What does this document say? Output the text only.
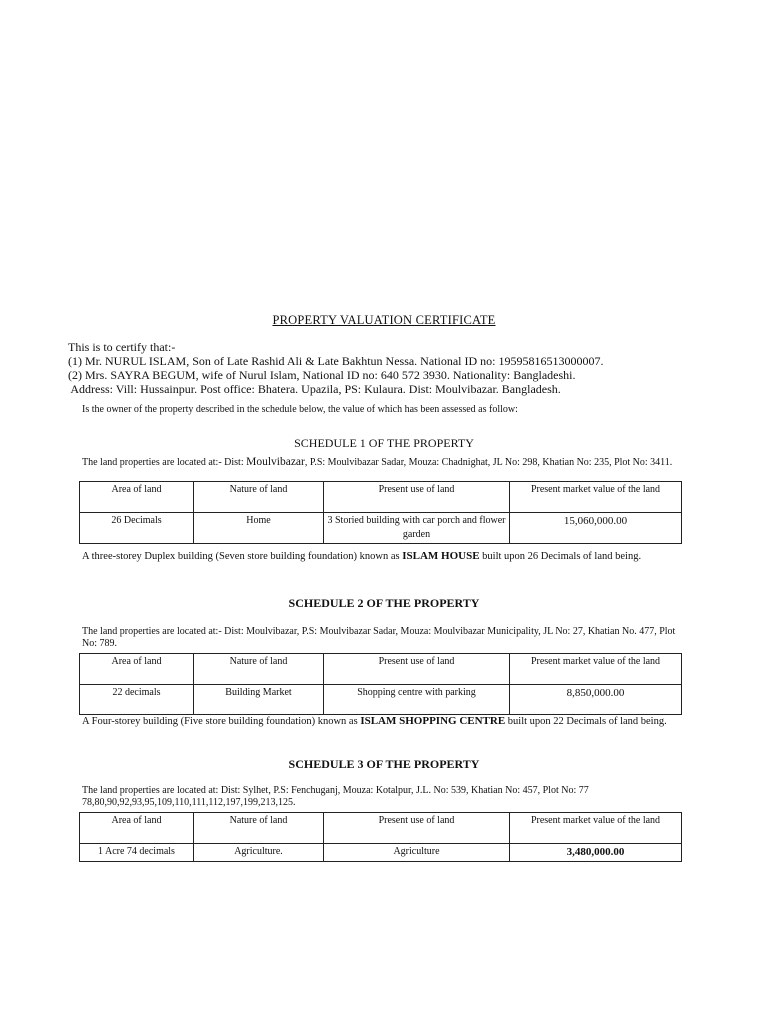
PROPERTY VALUATION CERTIFICATE
This is to certify that:-
(1) Mr. NURUL ISLAM, Son of Late Rashid Ali & Late Bakhtun Nessa. National ID no: 19595816513000007.
(2) Mrs. SAYRA BEGUM, wife of Nurul Islam, National ID no: 640 572 3930. Nationality: Bangladeshi.
Address: Vill: Hussainpur. Post office: Bhatera. Upazila, PS: Kulaura. Dist: Moulvibazar. Bangladesh.
Is the owner of the property described in the schedule below, the value of which has been assessed as follow:
SCHEDULE 1 OF THE PROPERTY
The land properties are located at:- Dist: Moulvibazar, P.S: Moulvibazar Sadar, Mouza: Chadnighat, JL No: 298, Khatian No: 235, Plot No: 3411.
Area of land	Nature of land	Present use of land	Present market value of the land
26 Decimals	Home	3 Storied building with car porch and flower garden	15,060,000.00
A three-storey Duplex building (Seven store building foundation) known as ISLAM HOUSE built upon 26 Decimals of land being.
SCHEDULE 2 OF THE PROPERTY
The land properties are located at:- Dist: Moulvibazar, P.S: Moulvibazar Sadar, Mouza: Moulvibazar Municipality, JL No: 27, Khatian No. 477, Plot No: 789.
Area of land	Nature of land	Present use of land	Present market value of the land
22 decimals	Building Market	Shopping centre with parking	8,850,000.00
A Four-storey building (Five store building foundation) known as ISLAM SHOPPING CENTRE built upon 22 Decimals of land being.
SCHEDULE 3 OF THE PROPERTY
The land properties are located at: Dist: Sylhet, P.S: Fenchuganj, Mouza: Kotalpur, J.L. No: 539, Khatian No: 457, Plot No: 77 78,80,90,92,93,95,109,110,111,112,197,199,213,125.
Area of land	Nature of land	Present use of land	Present market value of the land
1 Acre 74 decimals	Agriculture.	Agriculture	3,480,000.00
